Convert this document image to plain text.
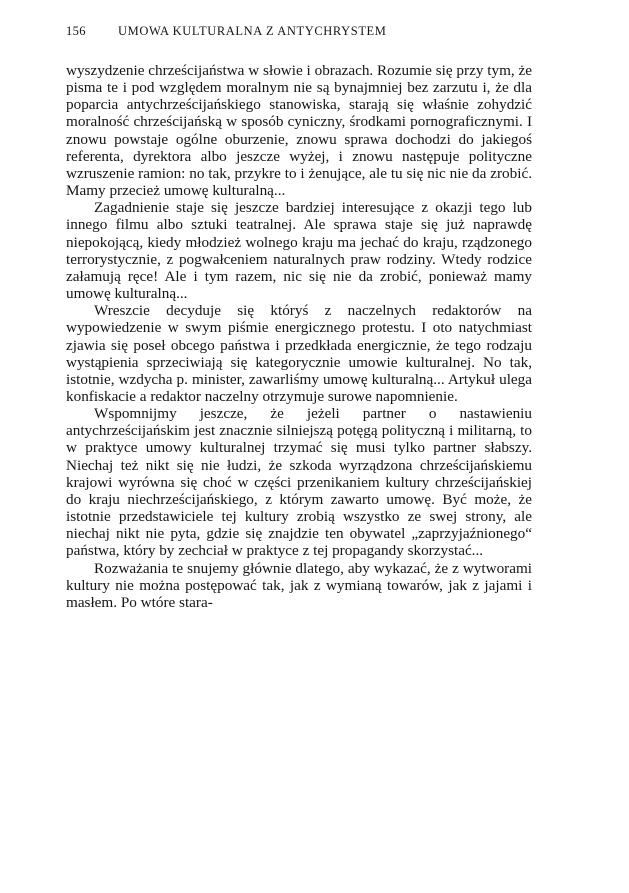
156	UMOWA KULTURALNA Z ANTYCHRYSTEM

wyszydzenie chrześcijaństwa w słowie i obrazach. Rozumie się przy tym, że pisma te i pod względem moralnym nie są bynajmniej bez zarzutu i, że dla poparcia antychrześcijańskiego stanowiska, starają się właśnie zohydzić moralność chrześcijańską w sposób cyniczny, środkami pornograficznymi. I znowu powstaje ogólne oburzenie, znowu sprawa dochodzi do jakiegoś referenta, dyrektora albo jeszcze wyżej, i znowu następuje polityczne wzruszenie ramion: no tak, przykre to i żenujące, ale tu się nic nie da zrobić. Mamy przecież umowę kulturalną...

Zagadnienie staje się jeszcze bardziej interesujące z okazji tego lub innego filmu albo sztuki teatralnej. Ale sprawa staje się już naprawdę niepokojącą, kiedy młodzież wolnego kraju ma jechać do kraju, rządzonego terrorystycznie, z pogwałceniem naturalnych praw rodziny. Wtedy rodzice załamują ręce! Ale i tym razem, nic się nie da zrobić, ponieważ mamy umowę kulturalną...

Wreszcie decyduje się któryś z naczelnych redaktorów na wypowiedzenie w swym piśmie energicznego protestu. I oto natychmiast zjawia się poseł obcego państwa i przedkłada energicznie, że tego rodzaju wystąpienia sprzeciwiają się kategorycznie umowie kulturalnej. No tak, istotnie, wzdycha p. minister, zawarliśmy umowę kulturalną... Artykuł ulega konfiskacie a redaktor naczelny otrzymuje surowe napomnienie.

Wspomnijmy jeszcze, że jeżeli partner o nastawieniu antychrześcijańskim jest znacznie silniejszą potęgą polityczną i militarną, to w praktyce umowy kulturalnej trzymać się musi tylko partner słabszy. Niechaj też nikt się nie łudzi, że szkoda wyrządzona chrześcijańskiemu krajowi wyrówna się choć w części przenikaniem kultury chrześcijańskiej do kraju niechrześcijańskiego, z którym zawarto umowę. Być może, że istotnie przedstawiciele tej kultury zrobią wszystko ze swej strony, ale niechaj nikt nie pyta, gdzie się znajdzie ten obywatel „zaprzyjaźnionego“ państwa, który by zechciał w praktyce z tej propagandy skorzystać...

Rozważania te snujemy głównie dlatego, aby wykazać, że z wytworami kultury nie można postępować tak, jak z wymianą towarów, jak z jajami i masłem. Po wtóre stara-
